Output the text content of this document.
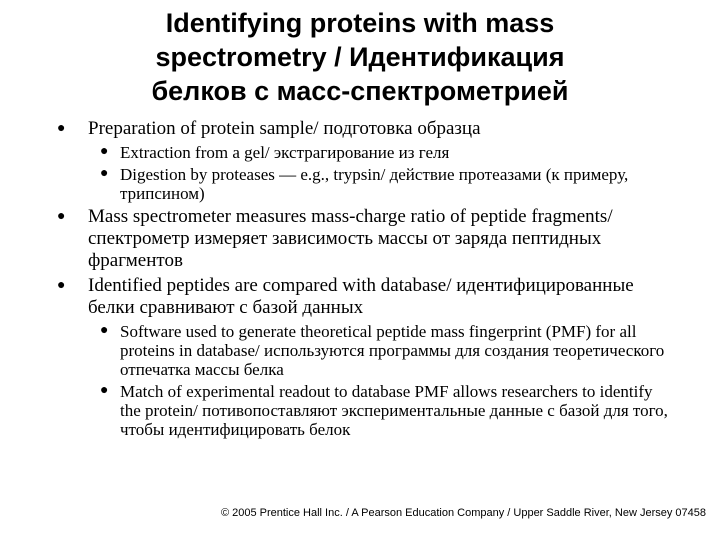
Identifying proteins with mass
spectrometry / Идентификация
белков с масс-спектрометрией
● Preparation of protein sample/ подготовка образца
● Extraction from a gel/ экстрагирование из геля
● Digestion by proteases — e.g., trypsin/ действие протеазами (к примеру, трипсином)
● Mass spectrometer measures mass-charge ratio of peptide fragments/ спектрометр измеряет зависимость массы от заряда пептидных фрагментов
● Identified peptides are compared with database/ идентифицированные белки сравнивают с базой данных
● Software used to generate theoretical peptide mass fingerprint (PMF) for all proteins in database/ используются программы для создания теоретического отпечатка массы белка
● Match of experimental readout to database PMF allows researchers to identify the protein/ потивопоставляют экспериментальные данные с базой для того, чтобы идентифицировать белок
© 2005 Prentice Hall Inc. / A Pearson Education Company / Upper Saddle River, New Jersey 07458
